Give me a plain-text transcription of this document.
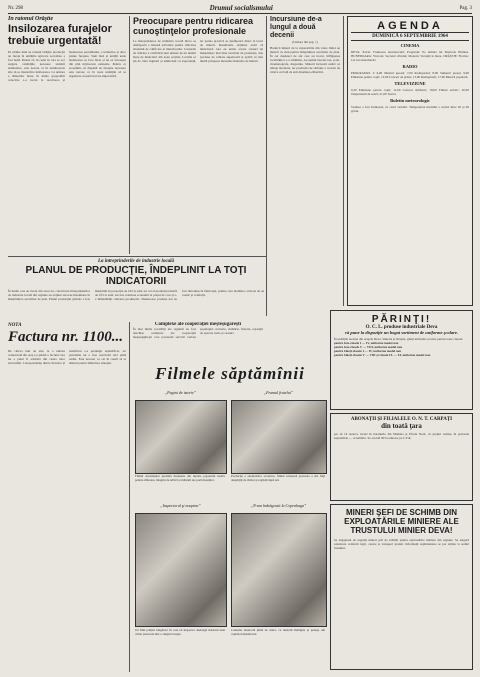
Nr. 298	Drumul socialismului	Pag. 3
În raionul Orăştie
Insilozarea furajelor trebuie urgentată!
Pe ultima lună au raionul Orăştie producţia de furaje în unităţile agricole socialiste a fost bună. Pentru că, în cazul în care se vor asigura cantităţile necesare iernării animalelor, este nevoie ca în următoarele zile să se intensifice insilozarea. Ca urmare a măsurilor luate, în multe gospodării colective s-a trecut la recoltarea şi însilozarea porumbului, a ierburilor şi altor plante furajere. Sunt însă şi unităţi unde însilozarea se face încet şi nu se foloseşte din plin mijloacele existente. Pentru ca zootehnia să dispună de furajele necesare este nevoie ca în toate unităţile să se urgenteze această lucrare importantă.
Preocupare pentru ridicarea cunoştinţelor profesionale
La întreprinderea de industrie locală Deva se desfăşoară o intensă activitate pentru ridicarea nivelului de calificare al muncitorilor. Cursurile de ridicare a calificării sunt urmate de un număr mare de muncitori din toate secţiile. Lecţiile se ţin de către ingineri şi tehnicieni cu experienţă, iar partea practică se desfăşoară direct la locul de muncă. Rezultatele obţinute arată că muncitorii care au urmat aceste cursuri îşi îndeplinesc mai bine sarcinile de producţie, dau produse de calitate superioară şi aplică cu mai multă pricepere metodele înaintate de muncă.
Incursiune de-a lungul a două decenii
(Urmare din pag. 1)
Harnicii mineri de la exploatările din valea Jiului au muncit cu elan pentru îndeplinirea sarcinilor de plan. În cei douăzeci de ani care au trecut, înfăţişarea localităţilor s-a schimbat. Au apărut blocuri noi, şcoli, cinematografe, magazine. Minerii lucrează astăzi cu utilaje moderne, iar producţia de cărbune a crescut de câteva ori faţă de anii dinaintea eliberării.
AGENDA
DUMINICĂ 6 SEPTEMBRIE 1964
CINEMA
DEVA: Patria: Frumoasa necunoscută; Progresul: Pe urmele lui Sherlock Holmes. HUNEDOARA: Victoria: Secretul cifrului; Modern: Vacanţă la mare. ORĂŞTIE: Flacăra: Cei trei muschetari.
RADIO
PROGRAMUL I: 6,00 Muzică uşoară; 7,00 Radiojurnal; 8,00 Sumarul presei; 9,00 Emisiune pentru copii; 12,00 Concert de prânz; 13,00 Radiojurnal; 17,00 Muzică populară.
TELEVIZIUNE
9,30 Emisiune pentru copii; 11,00 Concert simfonic; 18,00 Filmul artistic; 20,00 Telejurnalul de seară; 21,00 Teatru.
Buletin meteorologic
Vremea a fost frumoasă, cu cerul variabil. Temperatura maximă a oscilat între 20 şi 26 grade.
La întreprinderile de industrie locală
PLANUL DE PRODUCŢIE, ÎNDEPLINIT LA TOŢI INDICATORII
În lunile care au trecut din acest an, colectivele întreprinderilor de industrie locală din regiune au obţinut succese însemnate în îndeplinirea sarcinilor de plan. Planul producţiei globale a fost îndeplinit în proporţie de 102 la sută, iar cel al producţiei marfă de 103 la sută. Au fost realizate economii la preţul de cost şi s-a îmbunătăţit calitatea produselor. Numeroase produse noi au fost introduse în fabricaţie, printre care mobilier, articole de uz casnic şi confecţii.
Complexe ale cooperaţiei meşteşugăreşti
În mai multe localităţi ale regiunii au fost deschise complexe ale cooperaţiei meşteşugăreşti care prestează servicii variate populaţiei: croitorie, cizmărie, frizerie, reparaţii de aparate radio şi ceasuri.
PĂRINŢI!
O. C. L. produse industriale Deva
vă pune la dispoziţie un bogat sortiment de uniforme şcolare.
În unităţile noastre din oraşele Deva, Simeria şi Orăştie, găsiţi uniforme şcolare pentru toate clasele:
pentru fete-clasele I — IV, uniforme model nou
pentru fete-clasele V — VIII, uniforme model nou
pentru băieţi-clasele I — IV, uniforme model nou
pentru băieţi-clasele V — VIII şi clasele IX — XI, uniforme model nou
Filmele săptămînii
„Pagini de istorie”	„Frumul fratelui”
Filmul documentar prezintă momente din luptele poporului nostru pentru eliberare, imagini de arhivă şi mărturii ale participanţilor.
Producţie a studiourilor sovietice, filmul relatează povestea a doi fraţi despărţiţi de război şi regăsiţi după ani.
„Inspectorul şi noaptea”	„N-am îndrăgostit la Copenhaga”
Un film poliţist bulgăresc în care un inspector dezleagă misterul unei crime petrecute într-o singură noapte.
Comedie muzicală plină de umor, cu melodii îndrăgite şi peisaje din capitala Danemarcei.
NOTĂ
Factura nr. 1100...
De câteva luni de zile, la o unitate comercială din oraş s-a primit o factură care nu a putut fi achitată din cauza unor neclarităţi. Corespondenţa dintre furnizor şi beneficiar s-a prelungit nejustificat, iar problema nu a fost rezolvată nici până astăzi. Este necesar ca cei în cauză să ia măsuri pentru lămurirea situaţiei.
ABONAŢII ŞI FILIALELE O. N. T. CARPAŢI
din toată ţara
pot să vă rezerve locuri în hotelurile din Mamaia şi Eforie Nord, cu preţuri reduse, în perioada septembrie — octombrie. Se acordă 50% reducere pe C.F.R.
MINERI ŞEFI DE SCHIMB DIN EXPLOATĂRILE MINIERE ALE TRUSTULUI MINIER DEVA!
Se angajează de urgenţă mineri şefi de schimb pentru exploatările miniere din regiune. Se asigură salarizare conform legii, cazare şi transport gratuit. Informaţii suplimentare se pot obţine la sediul trustului.
